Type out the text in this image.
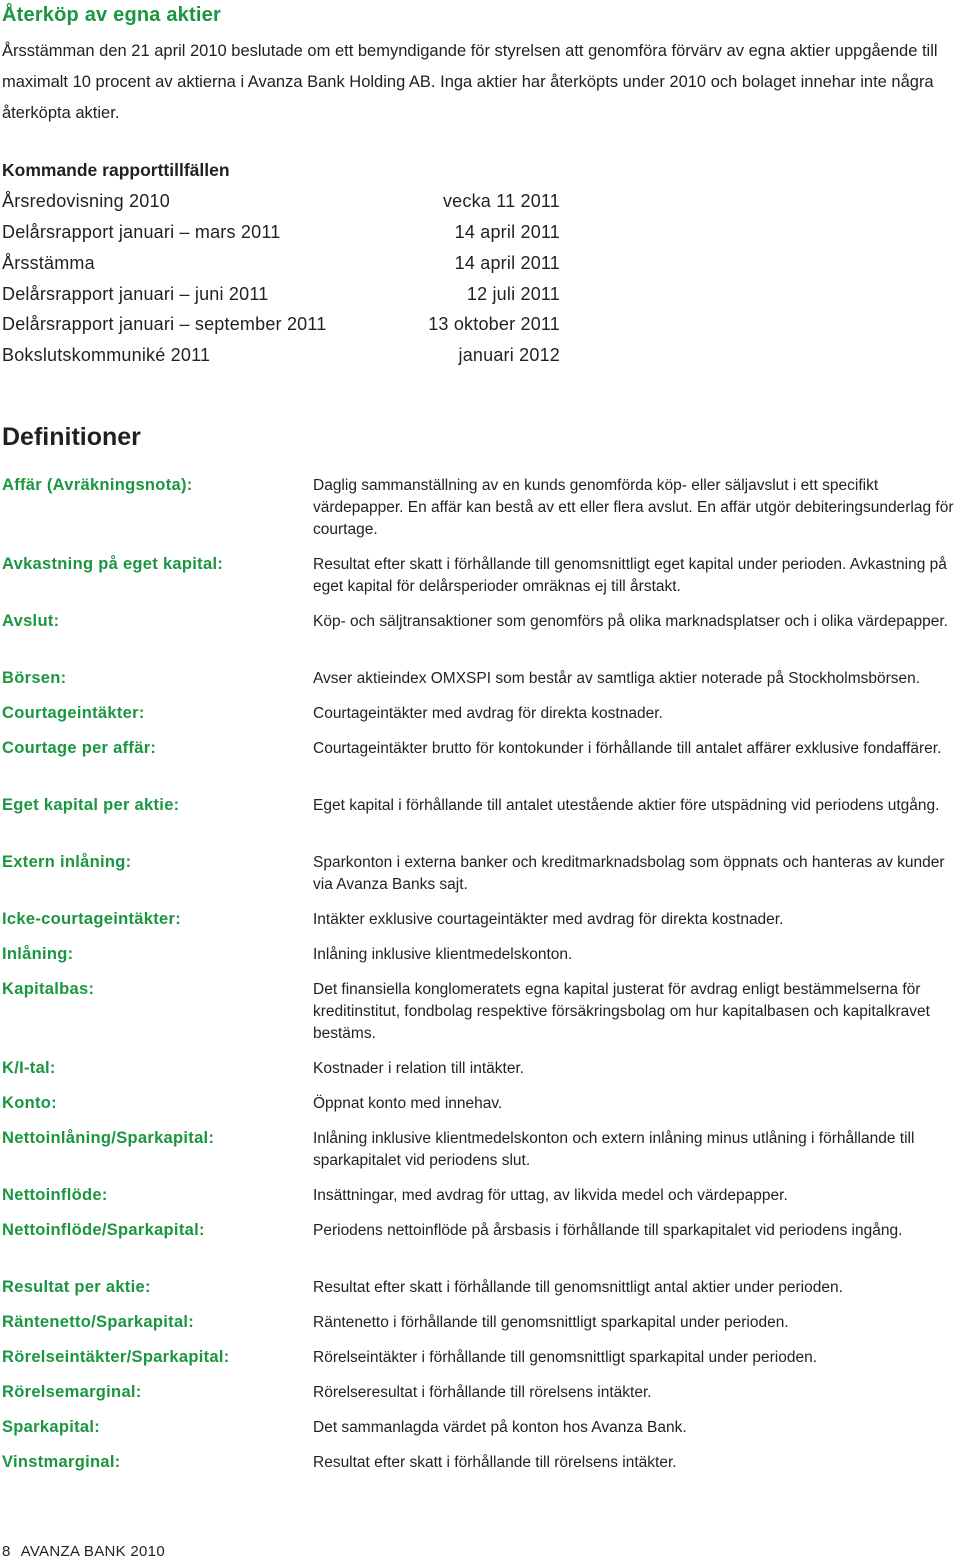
Återköp av egna aktier

Årsstämman den 21 april 2010 beslutade om ett bemyndigande för styrelsen att genomföra förvärv av egna aktier uppgående till maximalt 10 procent av aktierna i Avanza Bank Holding AB. Inga aktier har återköpts under 2010 och bolaget innehar inte några återköpta aktier.

Kommande rapporttillfällen
Årsredovisning 2010	vecka 11 2011
Delårsrapport januari – mars 2011	14 april 2011
Årsstämma	14 april 2011
Delårsrapport januari – juni 2011	12 juli 2011
Delårsrapport januari – september 2011	13 oktober 2011
Bokslutskommuniké 2011	januari 2012
Definitioner
Affär (Avräkningsnota):	Daglig sammanställning av en kunds genomförda köp- eller säljavslut i ett specifikt värdepapper. En affär kan bestå av ett eller flera avslut. En affär utgör debiteringsunderlag för courtage.
Avkastning på eget kapital:	Resultat efter skatt i förhållande till genomsnittligt eget kapital under perioden. Avkastning på eget kapital för delårsperioder omräknas ej till årstakt.
Avslut:	Köp- och säljtransaktioner som genomförs på olika marknadsplatser och i olika värdepapper.
Börsen:	Avser aktieindex OMXSPI som består av samtliga aktier noterade på Stockholmsbörsen.
Courtageintäkter:	Courtageintäkter med avdrag för direkta kostnader.
Courtage per affär:	Courtageintäkter brutto för kontokunder i förhållande till antalet affärer exklusive fondaffärer.
Eget kapital per aktie:	Eget kapital i förhållande till antalet utestående aktier före utspädning vid periodens utgång.
Extern inlåning:	Sparkonton i externa banker och kreditmarknadsbolag som öppnats och hanteras av kunder via Avanza Banks sajt.
Icke-courtageintäkter:	Intäkter exklusive courtageintäkter med avdrag för direkta kostnader.
Inlåning:	Inlåning inklusive klientmedelskonton.
Kapitalbas:	Det finansiella konglomeratets egna kapital justerat för avdrag enligt bestämmelserna för kreditinstitut, fondbolag respektive försäkringsbolag om hur kapitalbasen och kapitalkravet bestäms.
K/I-tal:	Kostnader i relation till intäkter.
Konto:	Öppnat konto med innehav.
Nettoinlåning/Sparkapital:	Inlåning inklusive klientmedelskonton och extern inlåning minus utlåning i förhållande till sparkapitalet vid periodens slut.
Nettoinflöde:	Insättningar, med avdrag för uttag, av likvida medel och värdepapper.
Nettoinflöde/Sparkapital:	Periodens nettoinflöde på årsbasis i förhållande till sparkapitalet vid periodens ingång.
Resultat per aktie:	Resultat efter skatt i förhållande till genomsnittligt antal aktier under perioden.
Räntenetto/Sparkapital:	Räntenetto i förhållande till genomsnittligt sparkapital under perioden.
Rörelseintäkter/Sparkapital:	Rörelseintäkter i förhållande till genomsnittligt sparkapital under perioden.
Rörelsemarginal:	Rörelseresultat i förhållande till rörelsens intäkter.
Sparkapital:	Det sammanlagda värdet på konton hos Avanza Bank.
Vinstmarginal:	Resultat efter skatt i förhållande till rörelsens intäkter.
8 AVANZA BANK 2010
